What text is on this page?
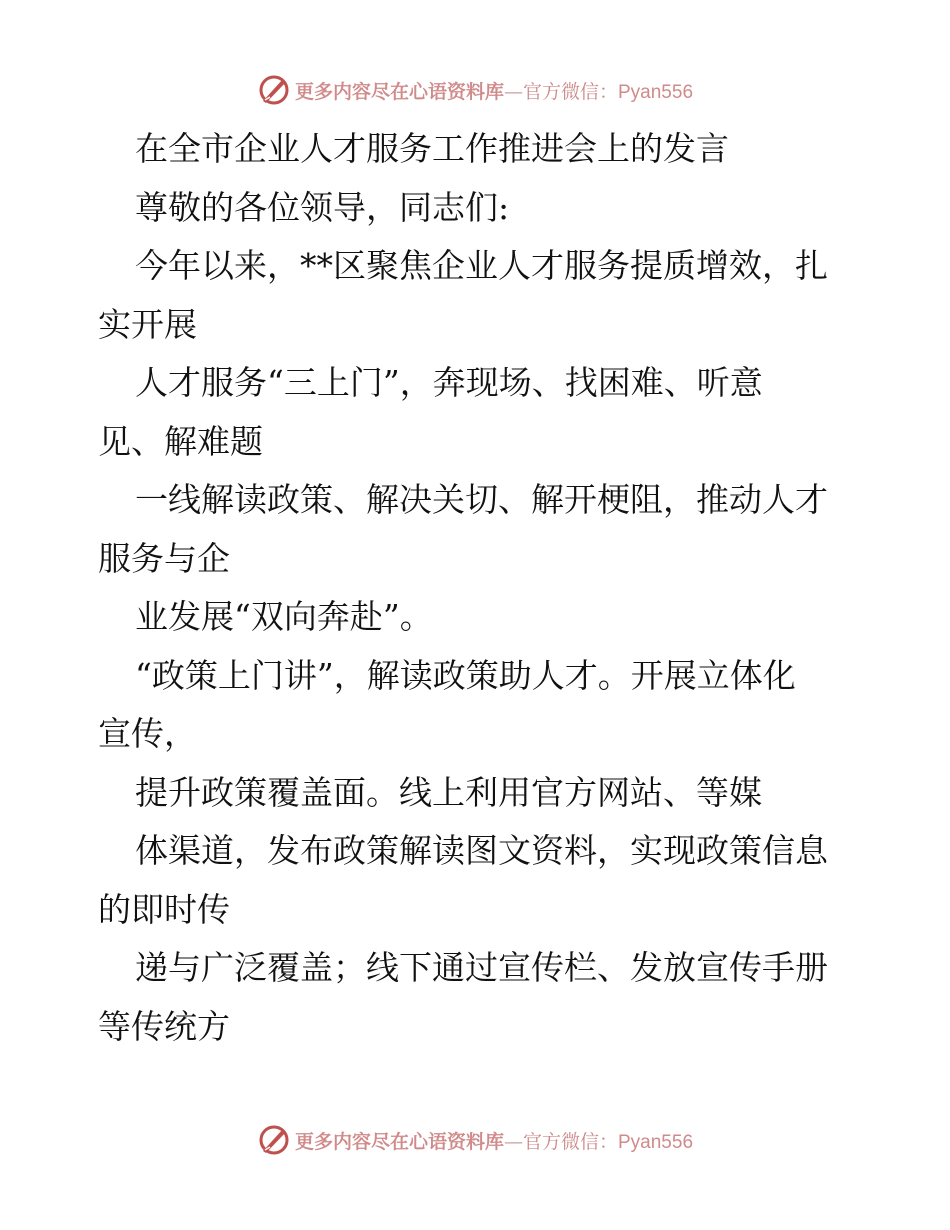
更多内容尽在心语资料库—官方微信：Pyan556
在全市企业人才服务工作推进会上的发言
尊敬的各位领导，同志们:
今年以来，**区聚焦企业人才服务提质增效，扎
实开展
人才服务“三上门”，奔现场、找困难、听意
见、解难题
一线解读政策、解决关切、解开梗阻，推动人才
服务与企
业发展“双向奔赴”。
“政策上门讲”，解读政策助人才。开展立体化
宣传，
提升政策覆盖面。线上利用官方网站、等媒
体渠道，发布政策解读图文资料，实现政策信息
的即时传
递与广泛覆盖；线下通过宣传栏、发放宣传手册
等传统方
更多内容尽在心语资料库—官方微信：Pyan556
